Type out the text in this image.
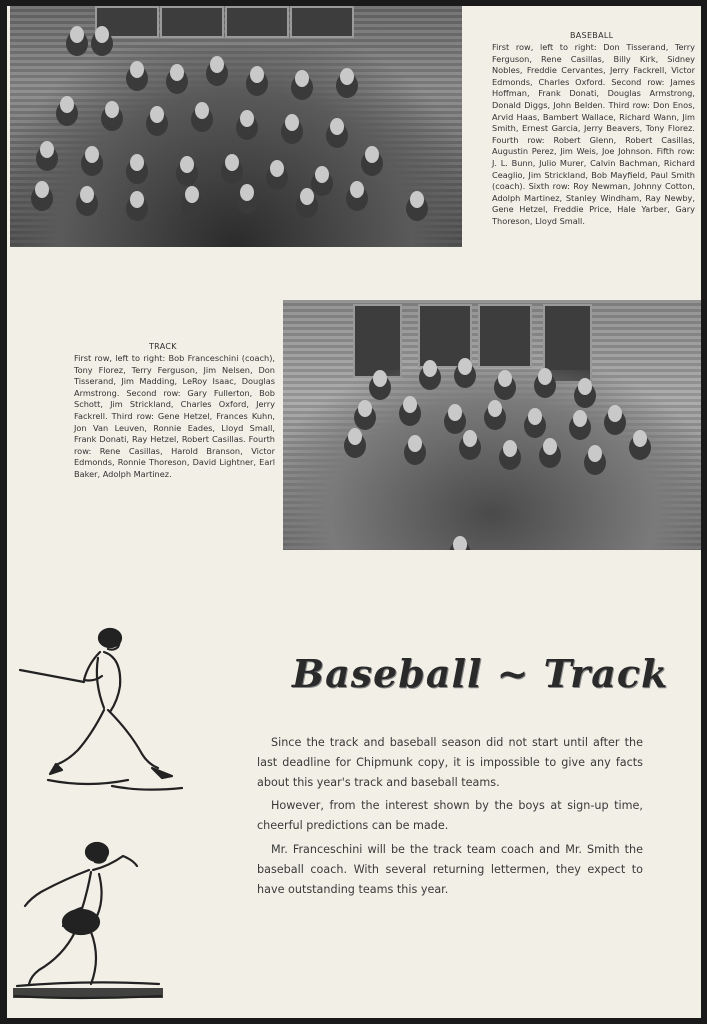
BASEBALL

First row, left to right: Don Tisserand, Terry Ferguson, Rene Casillas, Billy Kirk, Sidney Nobles, Freddie Cervantes, Jerry Fackrell, Victor Edmonds, Charles Oxford. Second row: James Hoffman, Frank Donati, Douglas Armstrong, Donald Diggs, John Belden. Third row: Don Enos, Arvid Haas, Bambert Wallace, Richard Wann, Jim Smith, Ernest Garcia, Jerry Beavers, Tony Florez. Fourth row: Robert Glenn, Robert Casillas, Augustin Perez, Jim Weis, Joe Johnson. Fifth row: J. L. Bunn, Julio Murer, Calvin Bachman, Richard Ceaglio, Jim Strickland, Bob Mayfield, Paul Smith (coach). Sixth row: Roy Newman, Johnny Cotton, Adolph Martinez, Stanley Windham, Ray Newby, Gene Hetzel, Freddie Price, Hale Yarber, Gary Thoreson, Lloyd Small.

TRACK

First row, left to right: Bob Franceschini (coach), Tony Florez, Terry Ferguson, Jim Nelsen, Don Tisserand, Jim Madding, LeRoy Isaac, Douglas Armstrong. Second row: Gary Fullerton, Bob Schott, Jim Strickland, Charles Oxford, Jerry Fackrell. Third row: Gene Hetzel, Frances Kuhn, Jon Van Leuven, Ronnie Eades, Lloyd Small, Frank Donati, Ray Hetzel, Robert Casillas. Fourth row: Rene Casillas, Harold Branson, Victor Edmonds, Ronnie Thoreson, David Lightner, Earl Baker, Adolph Martinez.

Baseball ~ Track

Since the track and baseball season did not start until after the last deadline for Chipmunk copy, it is impossible to give any facts about this year's track and baseball teams.

However, from the interest shown by the boys at sign-up time, cheerful predictions can be made.

Mr. Franceschini will be the track team coach and Mr. Smith the baseball coach. With several returning lettermen, they expect to have outstanding teams this year.
